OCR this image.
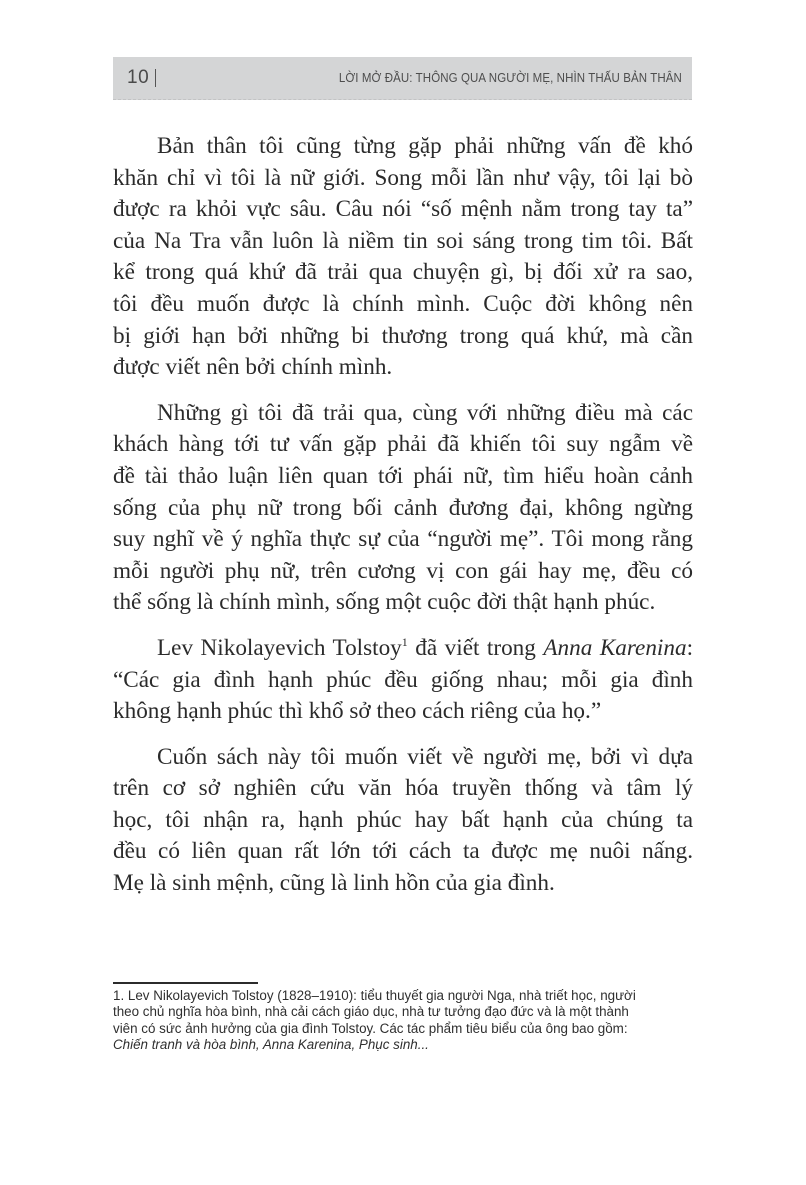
10	LỜI MỞ ĐẦU: THÔNG QUA NGƯỜI MẸ, NHÌN THẤU BẢN THÂN

Bản thân tôi cũng từng gặp phải những vấn đề khó
khăn chỉ vì tôi là nữ giới. Song mỗi lần như vậy, tôi lại bò
được ra khỏi vực sâu. Câu nói “số mệnh nằm trong tay ta”
của Na Tra vẫn luôn là niềm tin soi sáng trong tim tôi. Bất
kể trong quá khứ đã trải qua chuyện gì, bị đối xử ra sao,
tôi đều muốn được là chính mình. Cuộc đời không nên
bị giới hạn bởi những bi thương trong quá khứ, mà cần
được viết nên bởi chính mình.

Những gì tôi đã trải qua, cùng với những điều mà các
khách hàng tới tư vấn gặp phải đã khiến tôi suy ngẫm về
đề tài thảo luận liên quan tới phái nữ, tìm hiểu hoàn cảnh
sống của phụ nữ trong bối cảnh đương đại, không ngừng
suy nghĩ về ý nghĩa thực sự của “người mẹ”. Tôi mong rằng
mỗi người phụ nữ, trên cương vị con gái hay mẹ, đều có
thể sống là chính mình, sống một cuộc đời thật hạnh phúc.

Lev Nikolayevich Tolstoy$^1$ đã viết trong Anna Karenina:
“Các gia đình hạnh phúc đều giống nhau; mỗi gia đình
không hạnh phúc thì khổ sở theo cách riêng của họ.”

Cuốn sách này tôi muốn viết về người mẹ, bởi vì dựa
trên cơ sở nghiên cứu văn hóa truyền thống và tâm lý
học, tôi nhận ra, hạnh phúc hay bất hạnh của chúng ta
đều có liên quan rất lớn tới cách ta được mẹ nuôi nấng.
Mẹ là sinh mệnh, cũng là linh hồn của gia đình.

1. Lev Nikolayevich Tolstoy (1828–1910): tiểu thuyết gia người Nga, nhà triết học, người
theo chủ nghĩa hòa bình, nhà cải cách giáo dục, nhà tư tưởng đạo đức và là một thành
viên có sức ảnh hưởng của gia đình Tolstoy. Các tác phẩm tiêu biểu của ông bao gồm:
Chiến tranh và hòa bình, Anna Karenina, Phục sinh...
